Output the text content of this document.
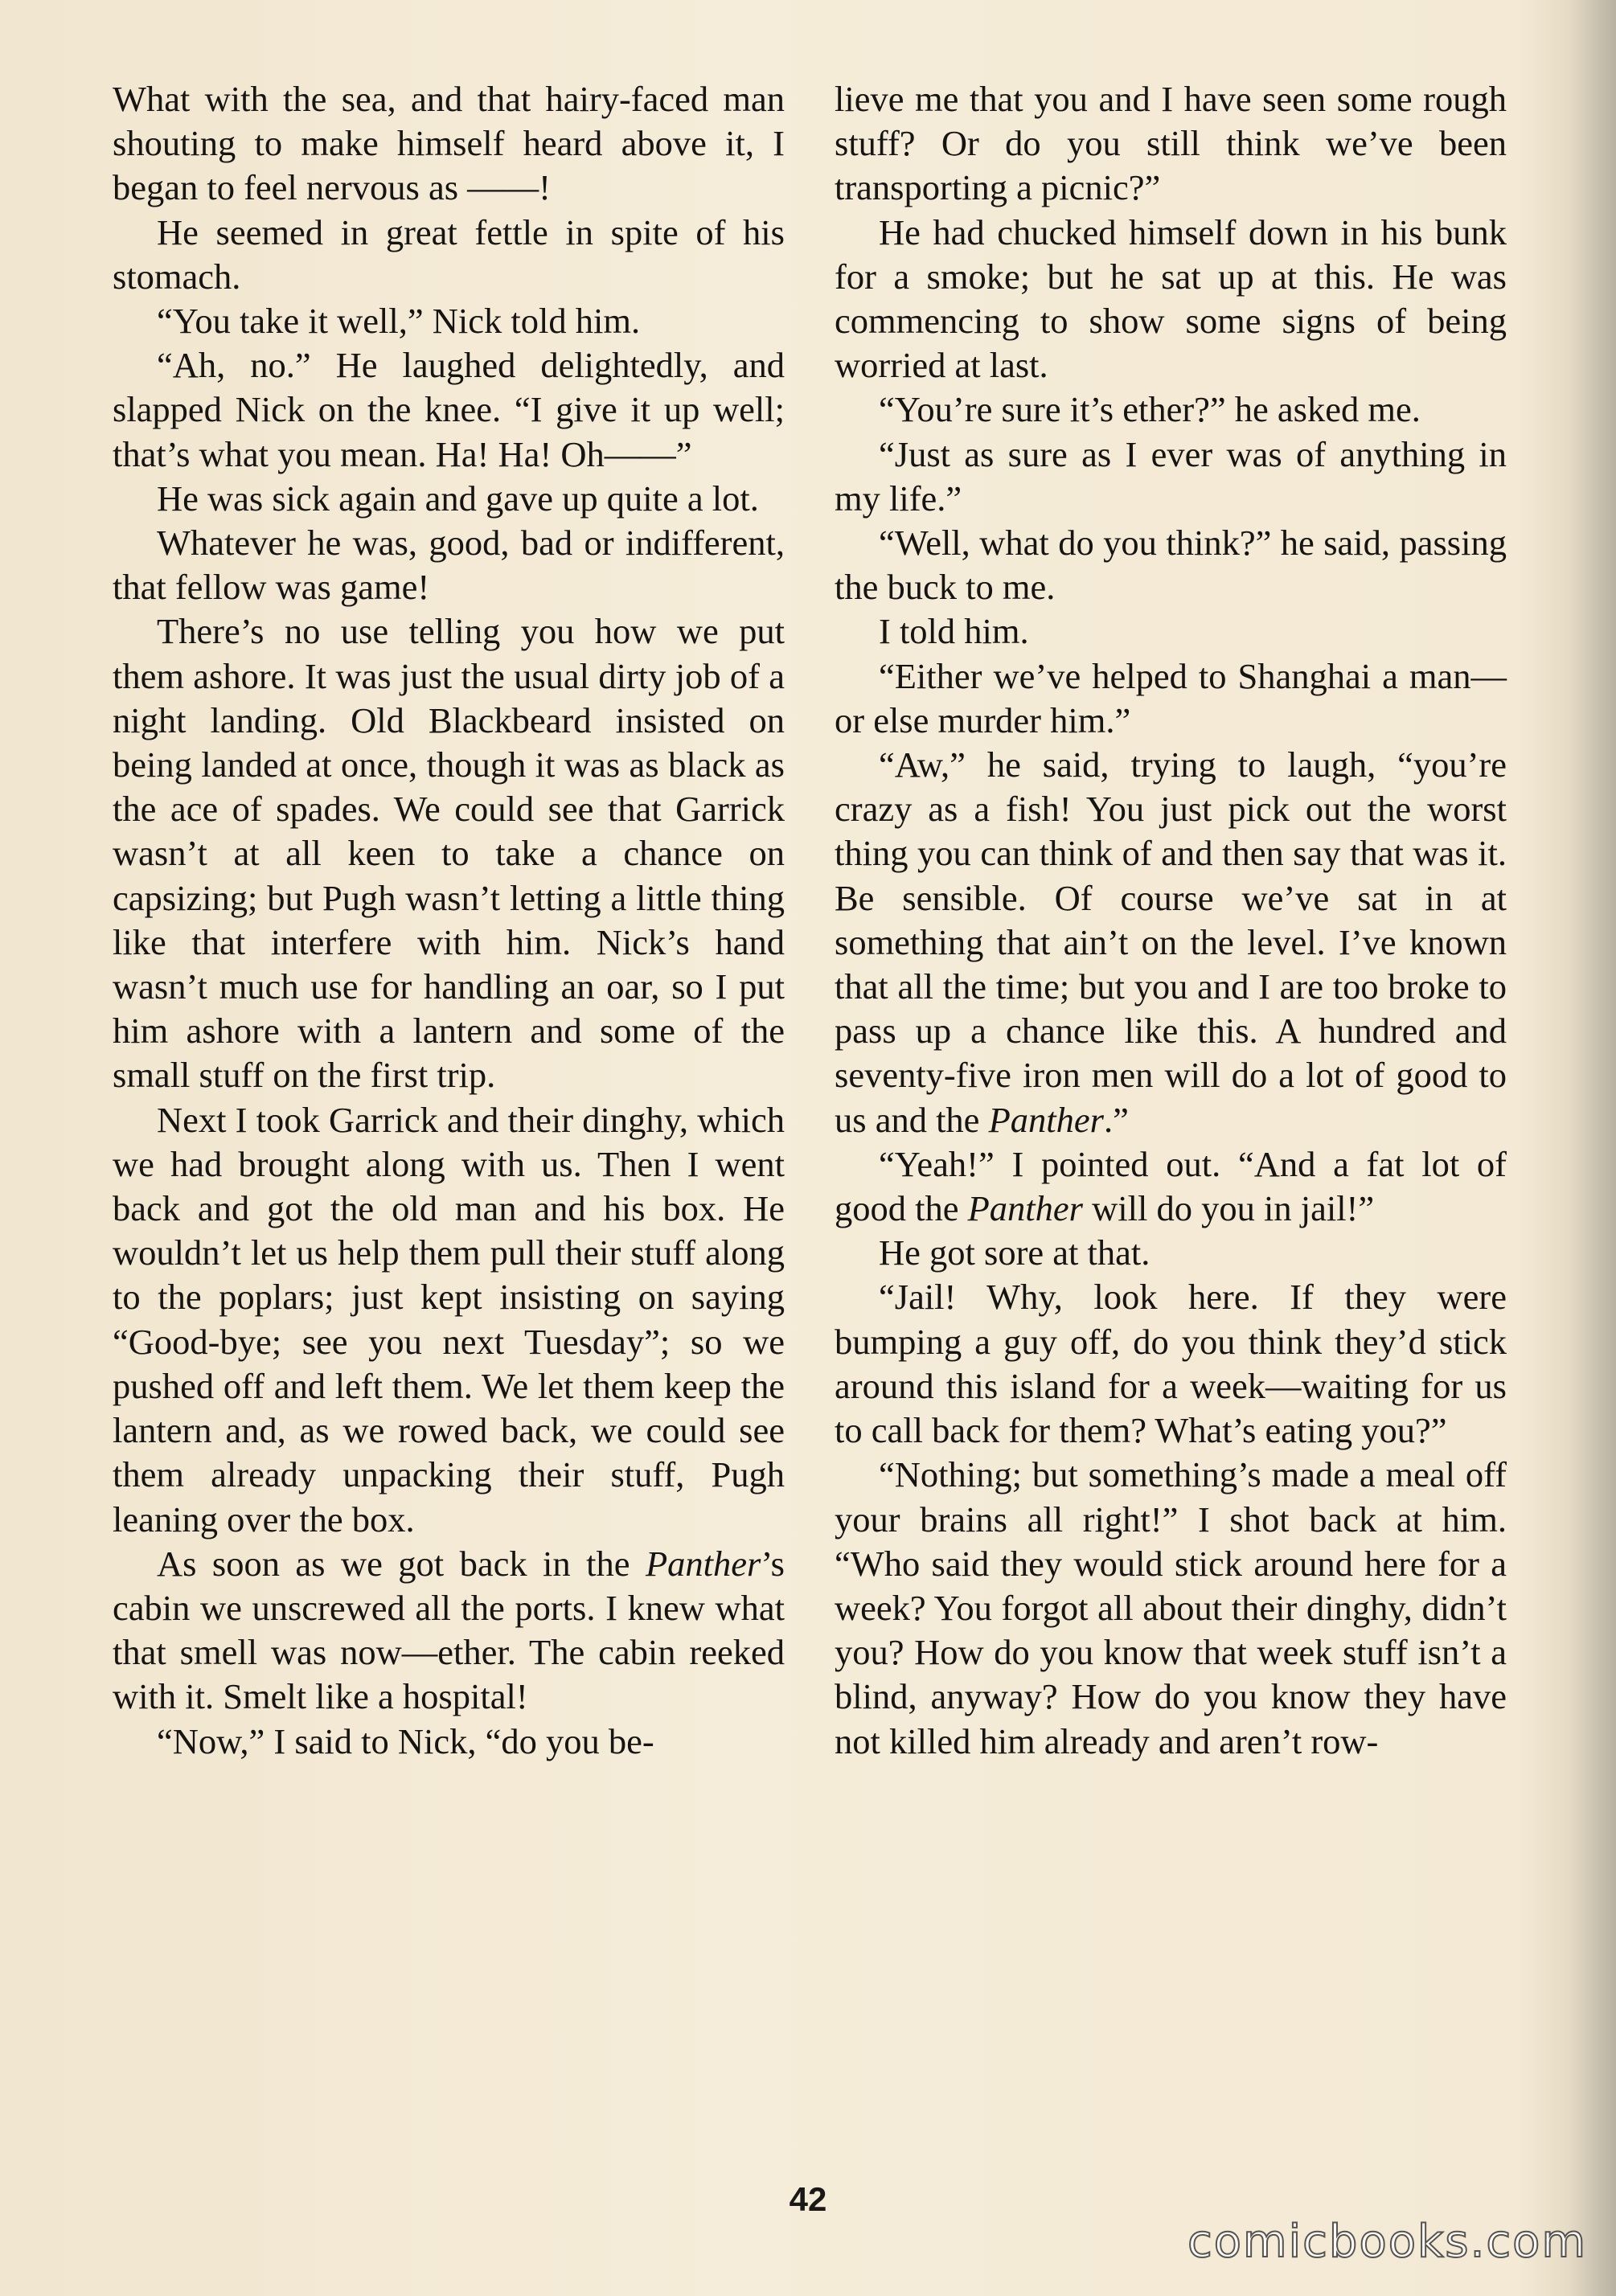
What with the sea, and that hairy-faced man shouting to make himself heard above it, I began to feel nervous as ——!

He seemed in great fettle in spite of his stomach.

“You take it well,” Nick told him.

“Ah, no.” He laughed delightedly, and slapped Nick on the knee. “I give it up well; that’s what you mean. Ha! Ha! Oh——”

He was sick again and gave up quite a lot.

Whatever he was, good, bad or indifferent, that fellow was game!

There’s no use telling you how we put them ashore. It was just the usual dirty job of a night landing. Old Blackbeard insisted on being landed at once, though it was as black as the ace of spades. We could see that Garrick wasn’t at all keen to take a chance on capsizing; but Pugh wasn’t letting a little thing like that interfere with him. Nick’s hand wasn’t much use for handling an oar, so I put him ashore with a lantern and some of the small stuff on the first trip.

Next I took Garrick and their dinghy, which we had brought along with us. Then I went back and got the old man and his box. He wouldn’t let us help them pull their stuff along to the poplars; just kept insisting on saying “Good-bye; see you next Tuesday”; so we pushed off and left them. We let them keep the lantern and, as we rowed back, we could see them already unpacking their stuff, Pugh leaning over the box.

As soon as we got back in the Panther’s cabin we unscrewed all the ports. I knew what that smell was now—ether. The cabin reeked with it. Smelt like a hospital!

“Now,” I said to Nick, “do you be-

lieve me that you and I have seen some rough stuff? Or do you still think we’ve been transporting a picnic?”

He had chucked himself down in his bunk for a smoke; but he sat up at this. He was commencing to show some signs of being worried at last.

“You’re sure it’s ether?” he asked me.

“Just as sure as I ever was of anything in my life.”

“Well, what do you think?” he said, passing the buck to me.

I told him.

“Either we’ve helped to Shanghai a man—or else murder him.”

“Aw,” he said, trying to laugh, “you’re crazy as a fish! You just pick out the worst thing you can think of and then say that was it. Be sensible. Of course we’ve sat in at something that ain’t on the level. I’ve known that all the time; but you and I are too broke to pass up a chance like this. A hundred and seventy-five iron men will do a lot of good to us and the Panther.”

“Yeah!” I pointed out. “And a fat lot of good the Panther will do you in jail!”

He got sore at that.

“Jail! Why, look here. If they were bumping a guy off, do you think they’d stick around this island for a week—waiting for us to call back for them? What’s eating you?”

“Nothing; but something’s made a meal off your brains all right!” I shot back at him. “Who said they would stick around here for a week? You forgot all about their dinghy, didn’t you? How do you know that week stuff isn’t a blind, anyway? How do you know they have not killed him already and aren’t row-

42
comicbooks.com
